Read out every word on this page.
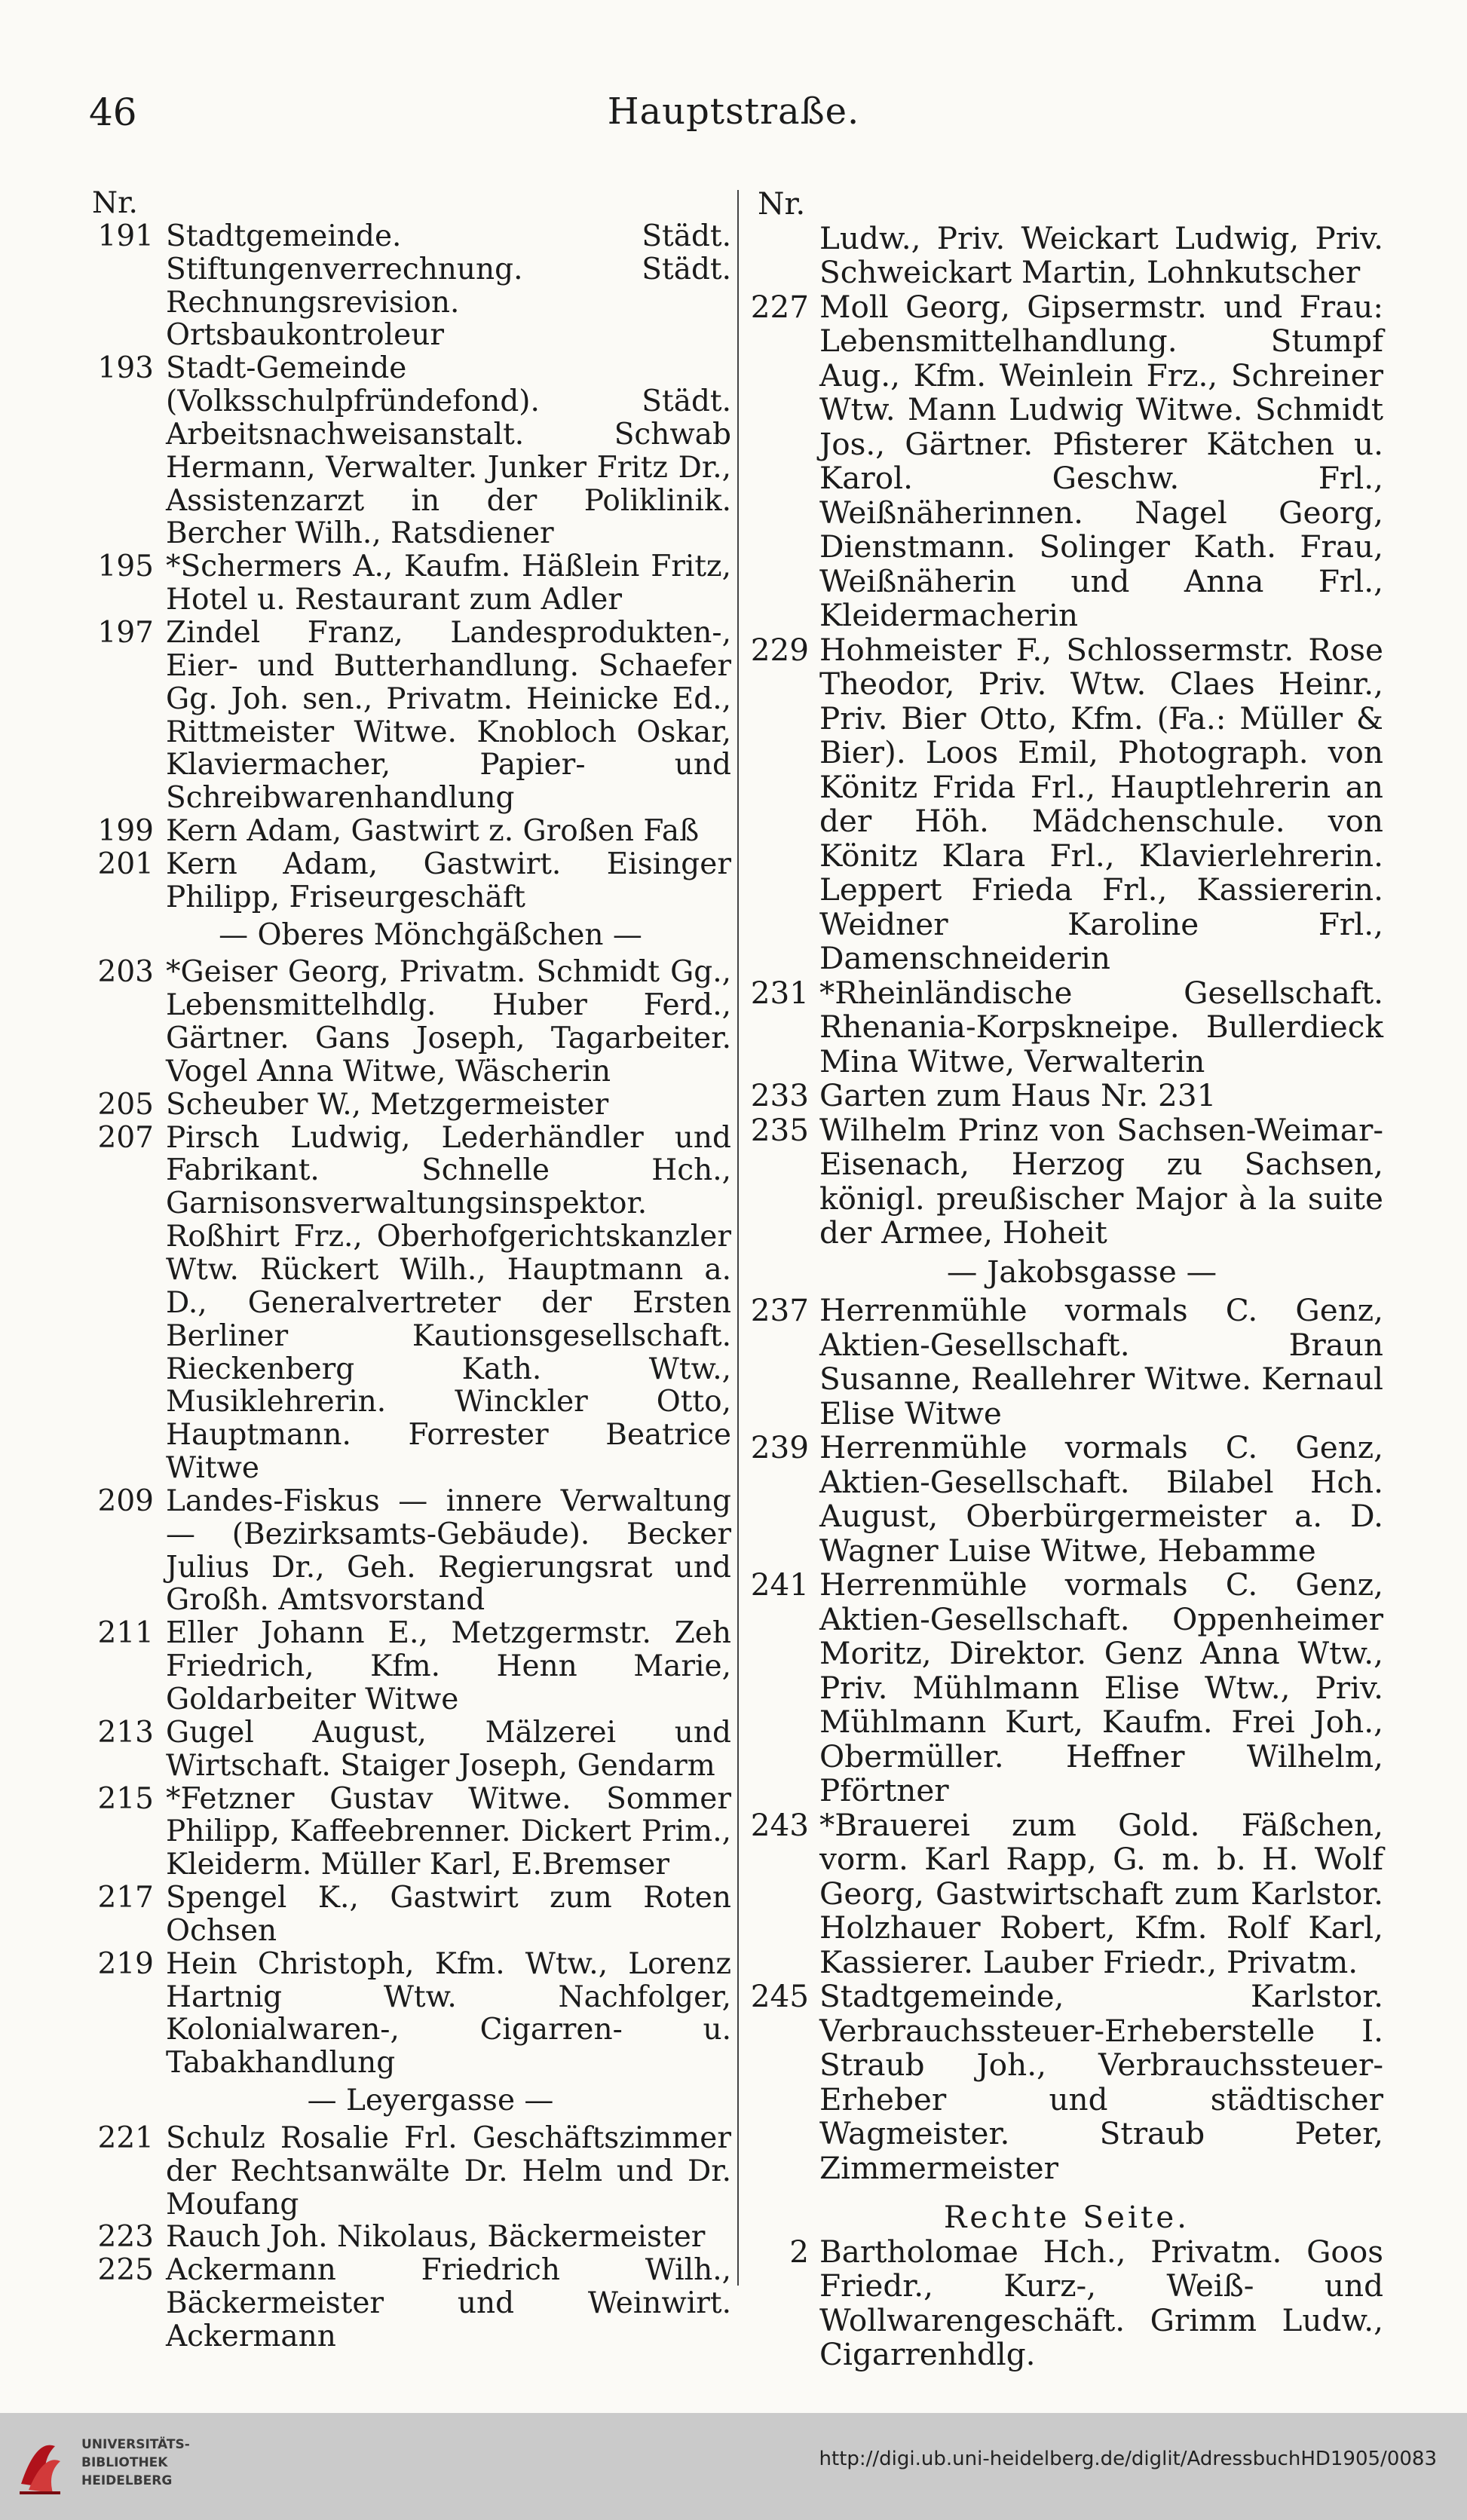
46	Hauptstraße.
Nr.
191 Stadtgemeinde. Städt. Stiftungenverrechnung. Städt. Rechnungsrevision. Ortsbaukontroleur
193 Stadt-Gemeinde (Volksschulpfründefond). Städt. Arbeitsnachweisanstalt. Schwab Hermann, Verwalter. Junker Fritz Dr., Assistenzarzt in der Poliklinik. Bercher Wilh., Ratsdiener
195 *Schermers A., Kaufm. Häßlein Fritz, Hotel u. Restaurant zum Adler
197 Zindel Franz, Landesprodukten-, Eier- und Butterhandlung. Schaefer Gg. Joh. sen., Privatm. Heinicke Ed., Rittmeister Witwe. Knobloch Oskar, Klaviermacher, Papier- und Schreibwarenhandlung
199 Kern Adam, Gastwirt z. Großen Faß
201 Kern Adam, Gastwirt. Eisinger Philipp, Friseurgeschäft
— Oberes Mönchgäßchen —
203 *Geiser Georg, Privatm. Schmidt Gg., Lebensmittelhdlg. Huber Ferd., Gärtner. Gans Joseph, Tagarbeiter. Vogel Anna Witwe, Wäscherin
205 Scheuber W., Metzgermeister
207 Pirsch Ludwig, Lederhändler und Fabrikant. Schnelle Hch., Garnisonsverwaltungsinspektor. Roßhirt Frz., Oberhofgerichtskanzler Wtw. Rückert Wilh., Hauptmann a. D., Generalvertreter der Ersten Berliner Kautionsgesellschaft. Rieckenberg Kath. Wtw., Musiklehrerin. Winckler Otto, Hauptmann. Forrester Beatrice Witwe
209 Landes-Fiskus — innere Verwaltung — (Bezirksamts-Gebäude). Becker Julius Dr., Geh. Regierungsrat und Großh. Amtsvorstand
211 Eller Johann E., Metzgermstr. Zeh Friedrich, Kfm. Henn Marie, Goldarbeiter Witwe
213 Gugel August, Mälzerei und Wirtschaft. Staiger Joseph, Gendarm
215 *Fetzner Gustav Witwe. Sommer Philipp, Kaffeebrenner. Dickert Prim., Kleiderm. Müller Karl, E.Bremser
217 Spengel K., Gastwirt zum Roten Ochsen
219 Hein Christoph, Kfm. Wtw., Lorenz Hartnig Wtw. Nachfolger, Kolonialwaren-, Cigarren- u. Tabakhandlung
— Leyergasse —
221 Schulz Rosalie Frl. Geschäftszimmer der Rechtsanwälte Dr. Helm und Dr. Moufang
223 Rauch Joh. Nikolaus, Bäckermeister
225 Ackermann Friedrich Wilh., Bäckermeister und Weinwirt. Ackermann
Nr.
Ludw., Priv. Weickart Ludwig, Priv. Schweickart Martin, Lohnkutscher
227 Moll Georg, Gipsermstr. und Frau: Lebensmittelhandlung. Stumpf Aug., Kfm. Weinlein Frz., Schreiner Wtw. Mann Ludwig Witwe. Schmidt Jos., Gärtner. Pfisterer Kätchen u. Karol. Geschw. Frl., Weißnäherinnen. Nagel Georg, Dienstmann. Solinger Kath. Frau, Weißnäherin und Anna Frl., Kleidermacherin
229 Hohmeister F., Schlossermstr. Rose Theodor, Priv. Wtw. Claes Heinr., Priv. Bier Otto, Kfm. (Fa.: Müller & Bier). Loos Emil, Photograph. von Könitz Frida Frl., Hauptlehrerin an der Höh. Mädchenschule. von Könitz Klara Frl., Klavierlehrerin. Leppert Frieda Frl., Kassiererin. Weidner Karoline Frl., Damenschneiderin
231 *Rheinländische Gesellschaft. Rhenania-Korpskneipe. Bullerdieck Mina Witwe, Verwalterin
233 Garten zum Haus Nr. 231
235 Wilhelm Prinz von Sachsen-Weimar-Eisenach, Herzog zu Sachsen, königl. preußischer Major à la suite der Armee, Hoheit
— Jakobsgasse —
237 Herrenmühle vormals C. Genz, Aktien-Gesellschaft. Braun Susanne, Reallehrer Witwe. Kernaul Elise Witwe
239 Herrenmühle vormals C. Genz, Aktien-Gesellschaft. Bilabel Hch. August, Oberbürgermeister a. D. Wagner Luise Witwe, Hebamme
241 Herrenmühle vormals C. Genz, Aktien-Gesellschaft. Oppenheimer Moritz, Direktor. Genz Anna Wtw., Priv. Mühlmann Elise Wtw., Priv. Mühlmann Kurt, Kaufm. Frei Joh., Obermüller. Heffner Wilhelm, Pförtner
243 *Brauerei zum Gold. Fäßchen, vorm. Karl Rapp, G. m. b. H. Wolf Georg, Gastwirtschaft zum Karlstor. Holzhauer Robert, Kfm. Rolf Karl, Kassierer. Lauber Friedr., Privatm.
245 Stadtgemeinde, Karlstor. Verbrauchssteuer-Erheberstelle I. Straub Joh., Verbrauchssteuer-Erheber und städtischer Wagmeister. Straub Peter, Zimmermeister
Rechte Seite.
2 Bartholomae Hch., Privatm. Goos Friedr., Kurz-, Weiß- und Wollwarengeschäft. Grimm Ludw., Cigarrenhdlg.
UNIVERSITÄTS-
BIBLIOTHEK
HEIDELBERG
http://digi.ub.uni-heidelberg.de/diglit/AdressbuchHD1905/0083
